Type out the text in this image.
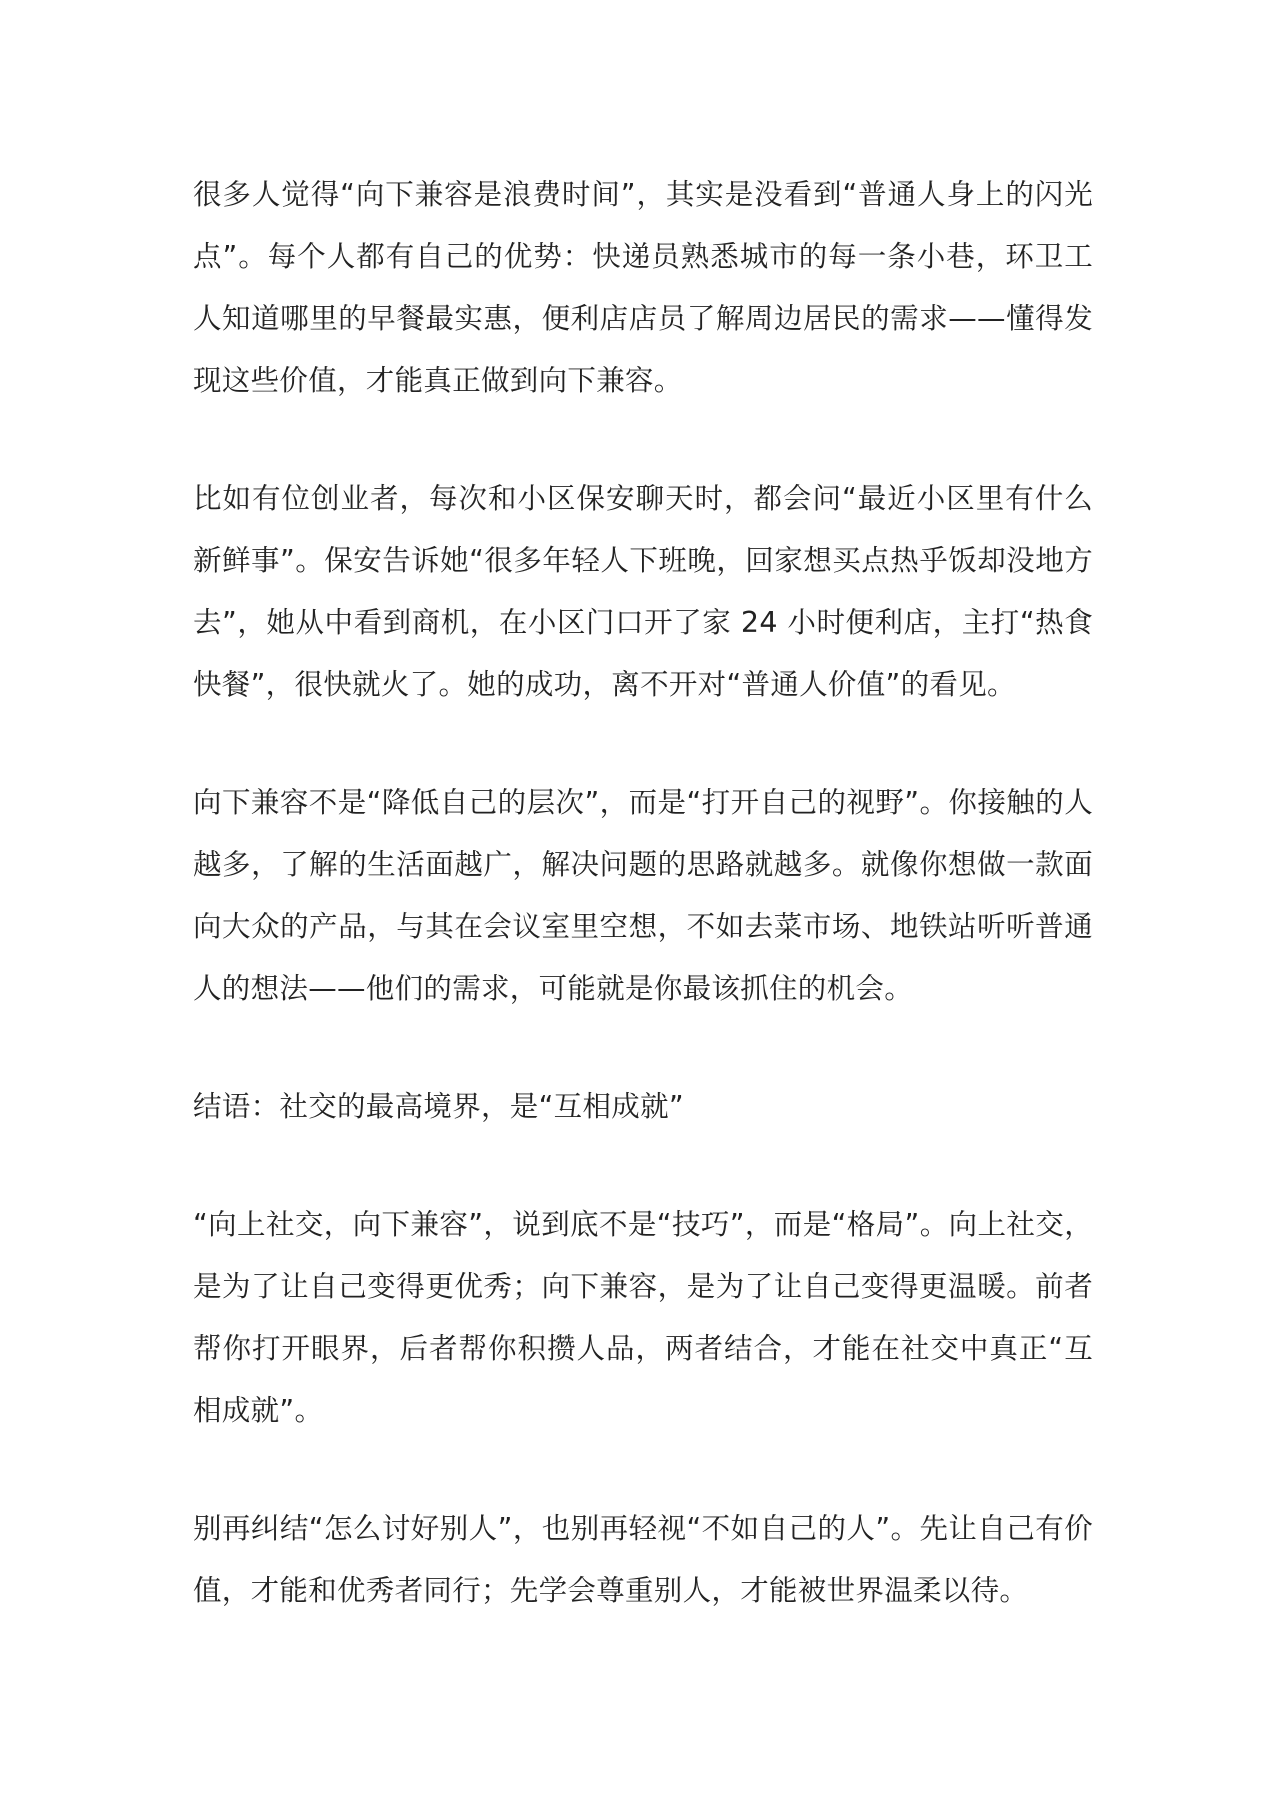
很多人觉得“向下兼容是浪费时间”，其实是没看到“普通人身上的闪光点”。每个人都有自己的优势：快递员熟悉城市的每一条小巷，环卫工人知道哪里的早餐最实惠，便利店店员了解周边居民的需求——懂得发现这些价值，才能真正做到向下兼容。

比如有位创业者，每次和小区保安聊天时，都会问“最近小区里有什么新鲜事”。保安告诉她“很多年轻人下班晚，回家想买点热乎饭却没地方去”，她从中看到商机，在小区门口开了家 24 小时便利店，主打“热食快餐”，很快就火了。她的成功，离不开对“普通人价值”的看见。

向下兼容不是“降低自己的层次”，而是“打开自己的视野”。你接触的人越多，了解的生活面越广，解决问题的思路就越多。就像你想做一款面向大众的产品，与其在会议室里空想，不如去菜市场、地铁站听听普通人的想法——他们的需求，可能就是你最该抓住的机会。

结语：社交的最高境界，是“互相成就”

“向上社交，向下兼容”，说到底不是“技巧”，而是“格局”。向上社交，是为了让自己变得更优秀；向下兼容，是为了让自己变得更温暖。前者帮你打开眼界，后者帮你积攒人品，两者结合，才能在社交中真正“互相成就”。

别再纠结“怎么讨好别人”，也别再轻视“不如自己的人”。先让自己有价值，才能和优秀者同行；先学会尊重别人，才能被世界温柔以待。
